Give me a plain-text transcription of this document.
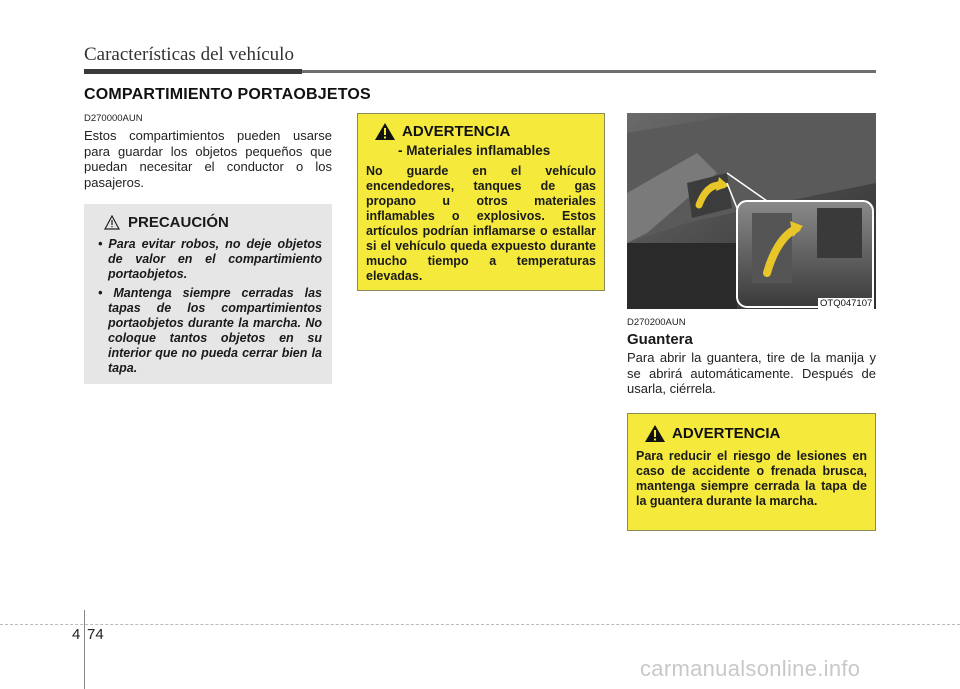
Características del vehículo
COMPARTIMIENTO PORTAOBJETOS
D270000AUN
Estos compartimientos pueden usarse para guardar los objetos pequeños que puedan necesitar el conductor o los pasajeros.
PRECAUCIÓN
• Para evitar robos, no deje objetos de valor en el compartimiento portaobjetos.
• Mantenga siempre cerradas las tapas de los compartimientos portaobjetos durante la marcha. No coloque tantos objetos en su interior que no pueda cerrar bien la tapa.
ADVERTENCIA
- Materiales inflamables
No guarde en el vehículo encendedores, tanques de gas propano u otros materiales inflamables o explosivos. Estos artículos podrían inflamarse o estallar si el vehículo queda expuesto durante mucho tiempo a temperaturas elevadas.
OTQ047107
D270200AUN
Guantera
Para abrir la guantera, tire de la manija y se abrirá automáticamente. Después de usarla, ciérrela.
ADVERTENCIA
Para reducir el riesgo de lesiones en caso de accidente o frenada brusca, mantenga siempre cerrada la tapa de la guantera durante la marcha.
4 74
carmanualsonline.info
